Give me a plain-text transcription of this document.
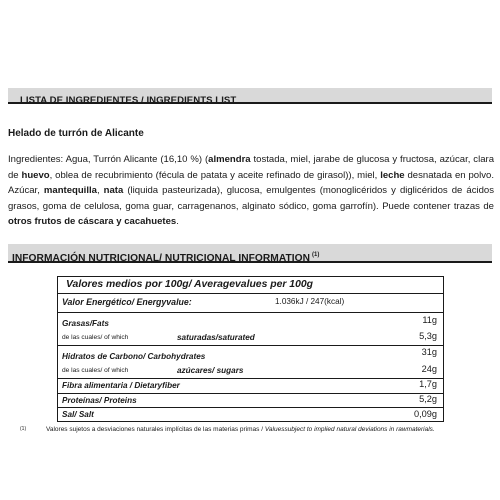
LISTA DE INGREDIENTES / INGREDIENTS LIST
Helado de turrón de Alicante
Ingredientes: Agua, Turrón Alicante (16,10 %) (almendra tostada, miel, jarabe de glucosa y fructosa, azúcar, clara de huevo, oblea de recubrimiento (fécula de patata y aceite refinado de girasol)), miel, leche desnatada en polvo. Azúcar, mantequilla, nata (liquida pasteurizada), glucosa, emulgentes (monoglicéridos y diglicéridos de ácidos grasos, goma de celulosa, goma guar, carragenanos, alginato sódico, goma garrofín). Puede contener trazas de otros frutos de cáscara y cacahuetes.
INFORMACIÓN NUTRICIONAL/ NUTRICIONAL INFORMATION $^{(1)}$
Valores medios por 100g/ Averagevalues per 100g
Valor Energético/ Energyvalue:	1.036kJ / 247(kcal)
Grasas/Fats	11g
de las cuales/ of which	saturadas/saturated	5,3g
Hidratos de Carbono/ Carbohydrates	31g
de las cuales/ of which	azúcares/ sugars	24g
Fibra alimentaria / Dietaryfiber	1,7g
Proteínas/ Proteins	5,2g
Sal/ Salt	0,09g
(1)	Valores sujetos a desviaciones naturales implícitas de las materias primas / Valuessubject to implied natural deviations in rawmaterials.
